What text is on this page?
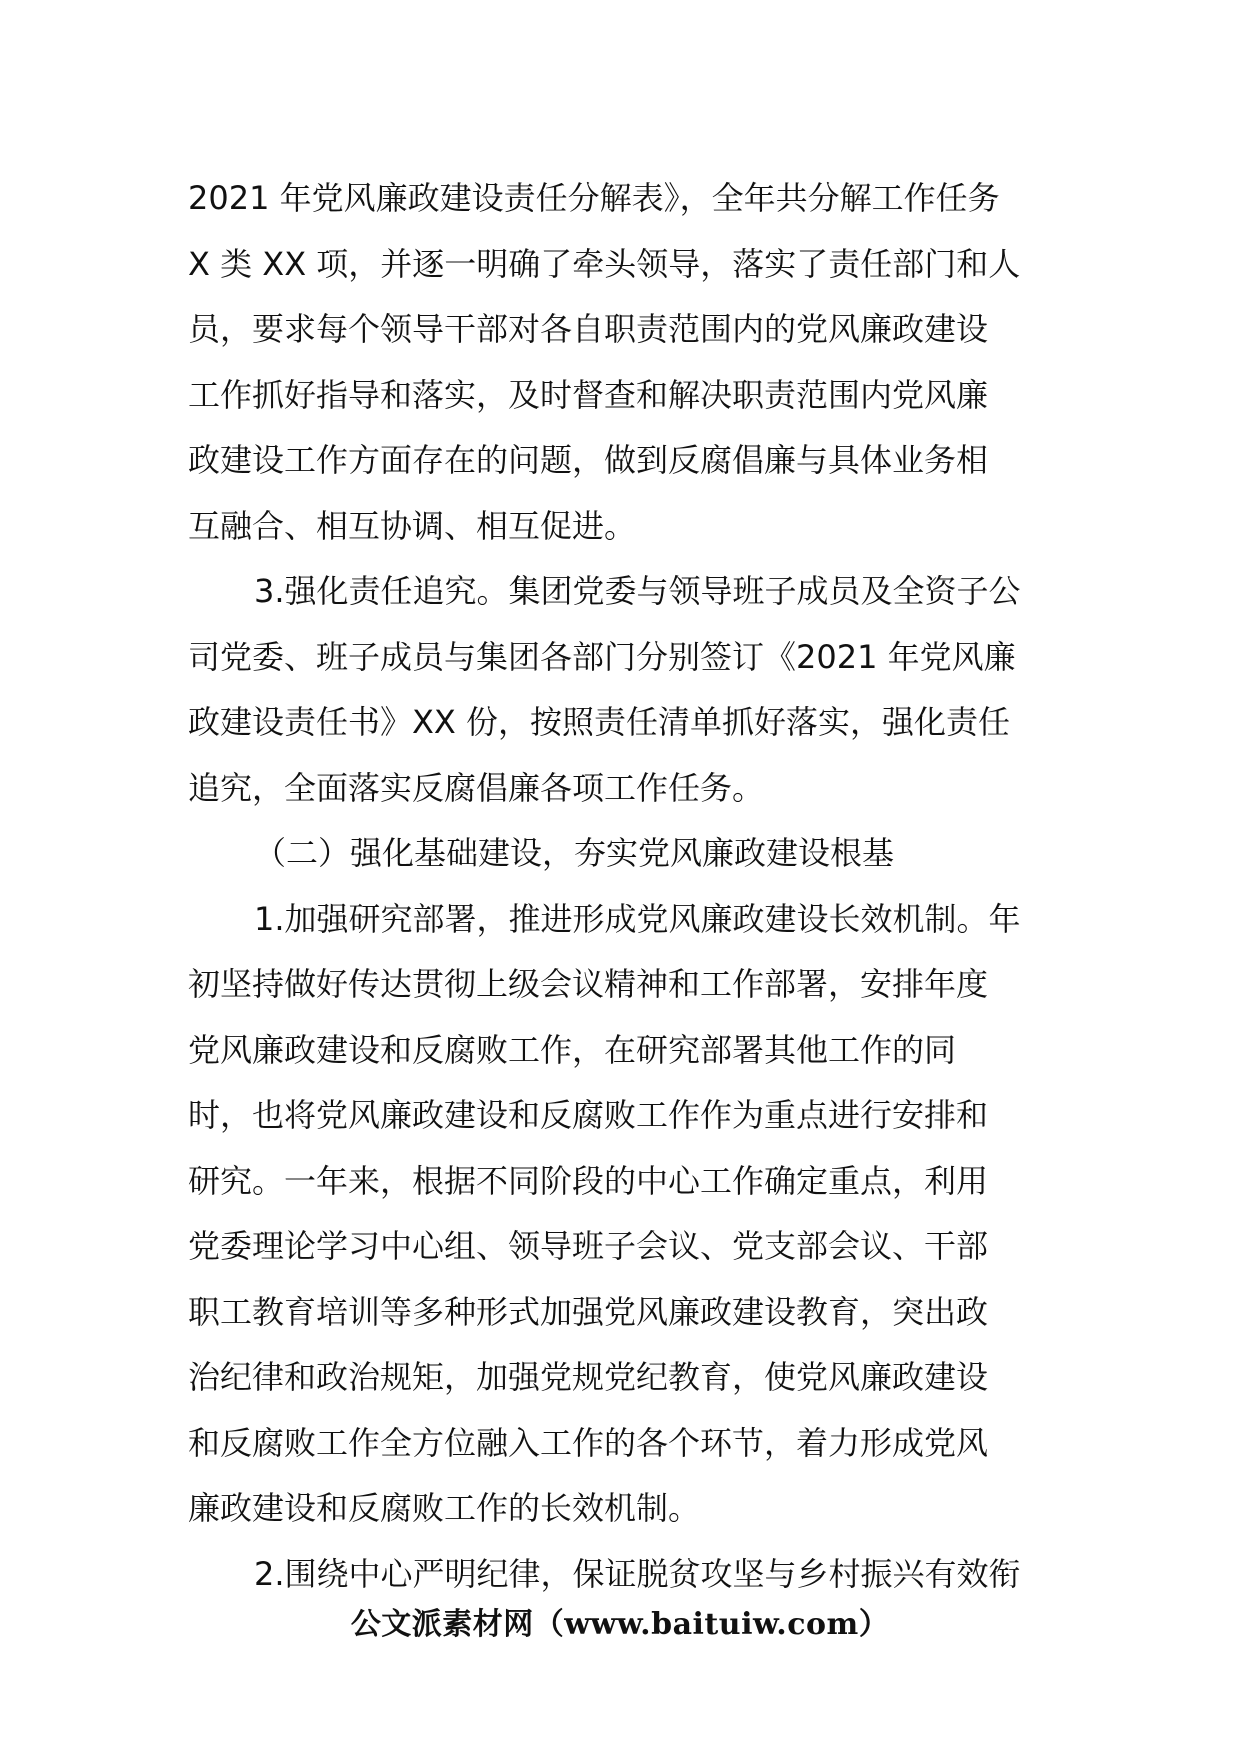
2021 年党风廉政建设责任分解表》，全年共分解工作任务
X 类 XX 项，并逐一明确了牵头领导，落实了责任部门和人
员，要求每个领导干部对各自职责范围内的党风廉政建设
工作抓好指导和落实，及时督查和解决职责范围内党风廉
政建设工作方面存在的问题，做到反腐倡廉与具体业务相
互融合、相互协调、相互促进。
3.强化责任追究。集团党委与领导班子成员及全资子公
司党委、班子成员与集团各部门分别签订《2021 年党风廉
政建设责任书》XX 份，按照责任清单抓好落实，强化责任
追究，全面落实反腐倡廉各项工作任务。
（二）强化基础建设，夯实党风廉政建设根基
1.加强研究部署，推进形成党风廉政建设长效机制。年
初坚持做好传达贯彻上级会议精神和工作部署，安排年度
党风廉政建设和反腐败工作，在研究部署其他工作的同
时，也将党风廉政建设和反腐败工作作为重点进行安排和
研究。一年来，根据不同阶段的中心工作确定重点，利用
党委理论学习中心组、领导班子会议、党支部会议、干部
职工教育培训等多种形式加强党风廉政建设教育，突出政
治纪律和政治规矩，加强党规党纪教育，使党风廉政建设
和反腐败工作全方位融入工作的各个环节，着力形成党风
廉政建设和反腐败工作的长效机制。
2.围绕中心严明纪律，保证脱贫攻坚与乡村振兴有效衔
公文派素材网（www.baituiw.com）
